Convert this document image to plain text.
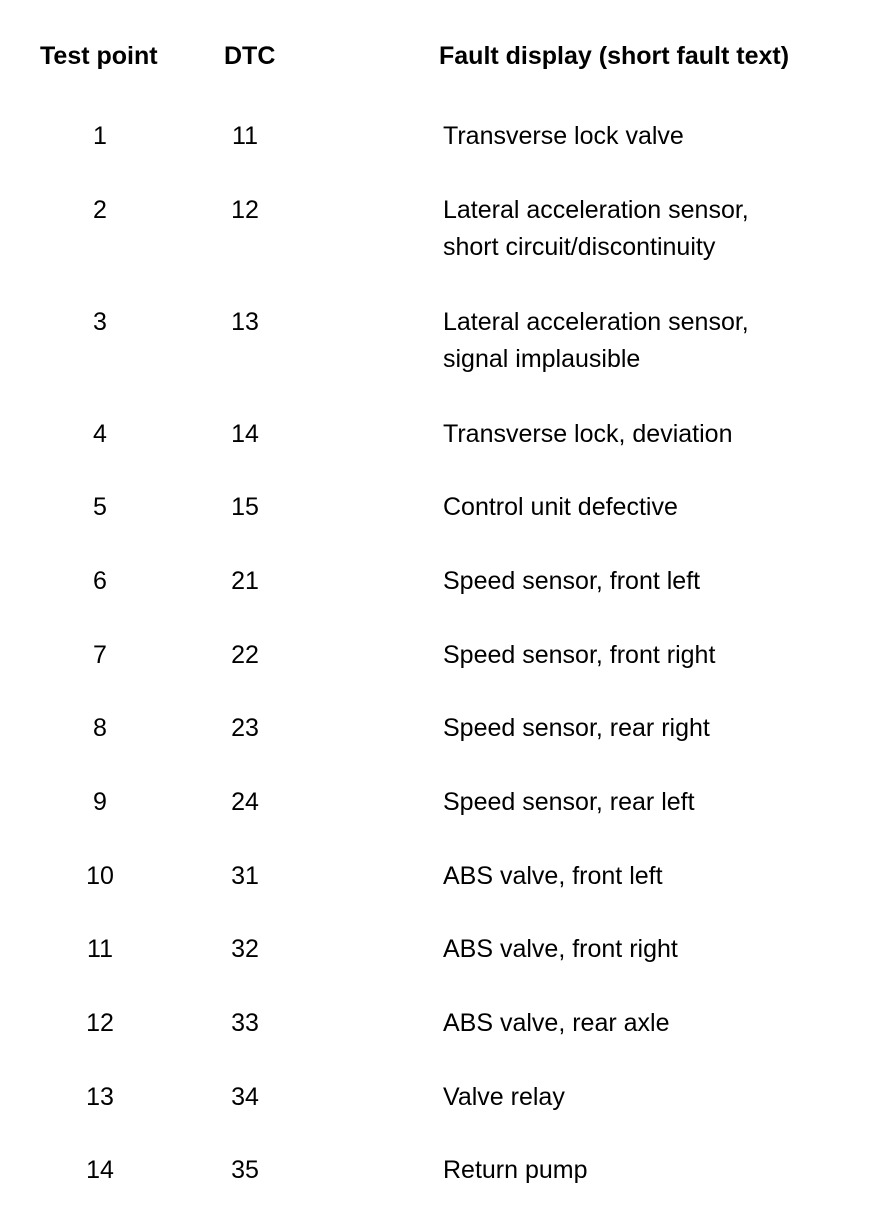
Test point	DTC	Fault display (short fault text)
1	11	Transverse lock valve
2	12	Lateral acceleration sensor,
short circuit/discontinuity
3	13	Lateral acceleration sensor,
signal implausible
4	14	Transverse lock, deviation
5	15	Control unit defective
6	21	Speed sensor, front left
7	22	Speed sensor, front right
8	23	Speed sensor, rear right
9	24	Speed sensor, rear left
10	31	ABS valve, front left
11	32	ABS valve, front right
12	33	ABS valve, rear axle
13	34	Valve relay
14	35	Return pump
